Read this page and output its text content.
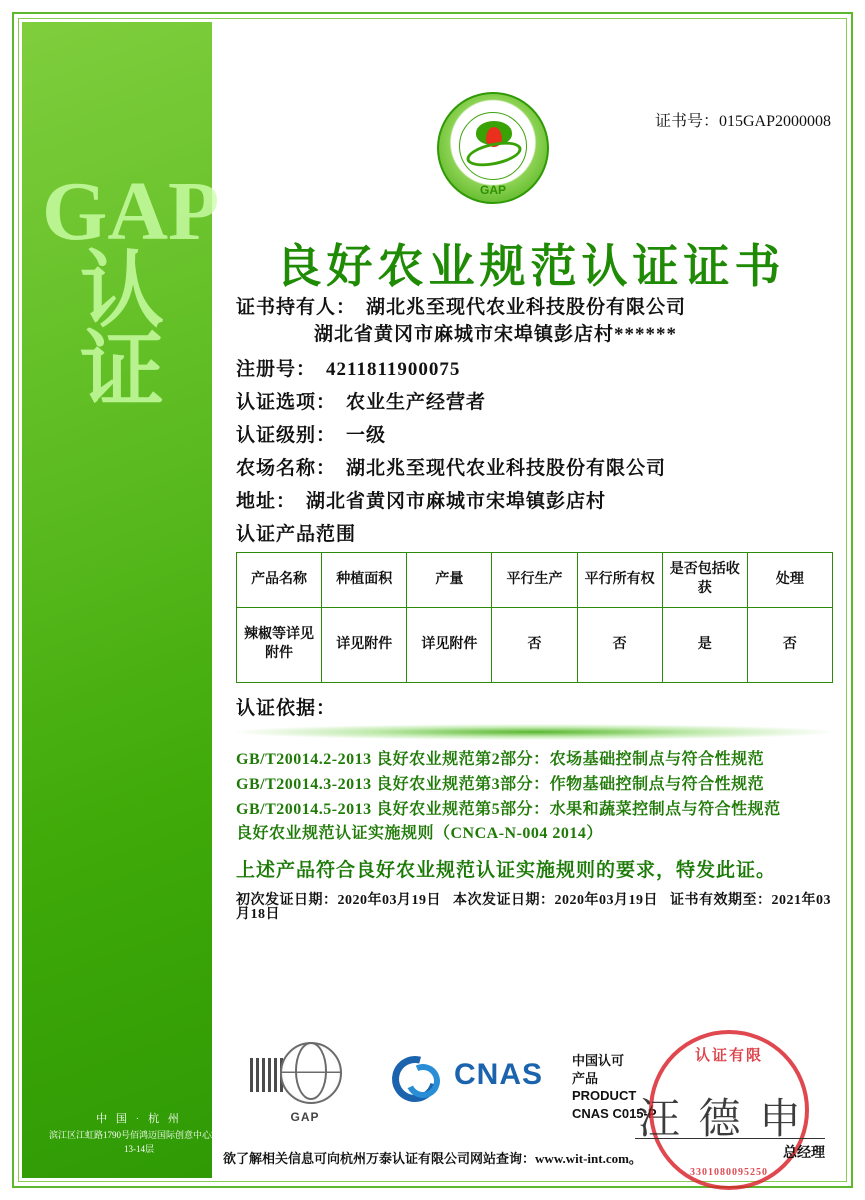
GAP认证
中 国 · 杭 州
滨江区江虹路1790号佰鸿迈国际创意中心21幢13-14层
GAP
证书号：015GAP2000008
良好农业规范认证证书
证书持有人： 湖北兆至现代农业科技股份有限公司
湖北省黄冈市麻城市宋埠镇彭店村******
注册号： 4211811900075
认证选项： 农业生产经营者
认证级别： 一级
农场名称： 湖北兆至现代农业科技股份有限公司
地址： 湖北省黄冈市麻城市宋埠镇彭店村
认证产品范围
产品名称	种植面积	产量	平行生产	平行所有权	是否包括收获	处理
辣椒等详见附件	详见附件	详见附件	否	否	是	否
认证依据：
GB/T20014.2-2013 良好农业规范第2部分：农场基础控制点与符合性规范
GB/T20014.3-2013 良好农业规范第3部分：作物基础控制点与符合性规范
GB/T20014.5-2013 良好农业规范第5部分：水果和蔬菜控制点与符合性规范
良好农业规范认证实施规则（CNCA-N-004 2014）
上述产品符合良好农业规范认证实施规则的要求，特发此证。
初次发证日期：2020年03月19日 本次发证日期：2020年03月19日 证书有效期至：2021年03月18日
GAP
CNAS 中国认可
产品
PRODUCT
CNAS C015-P
认证有限
3301080095250
汪 德 申
总经理
欲了解相关信息可向杭州万泰认证有限公司网站查询：www.wit-int.com。
